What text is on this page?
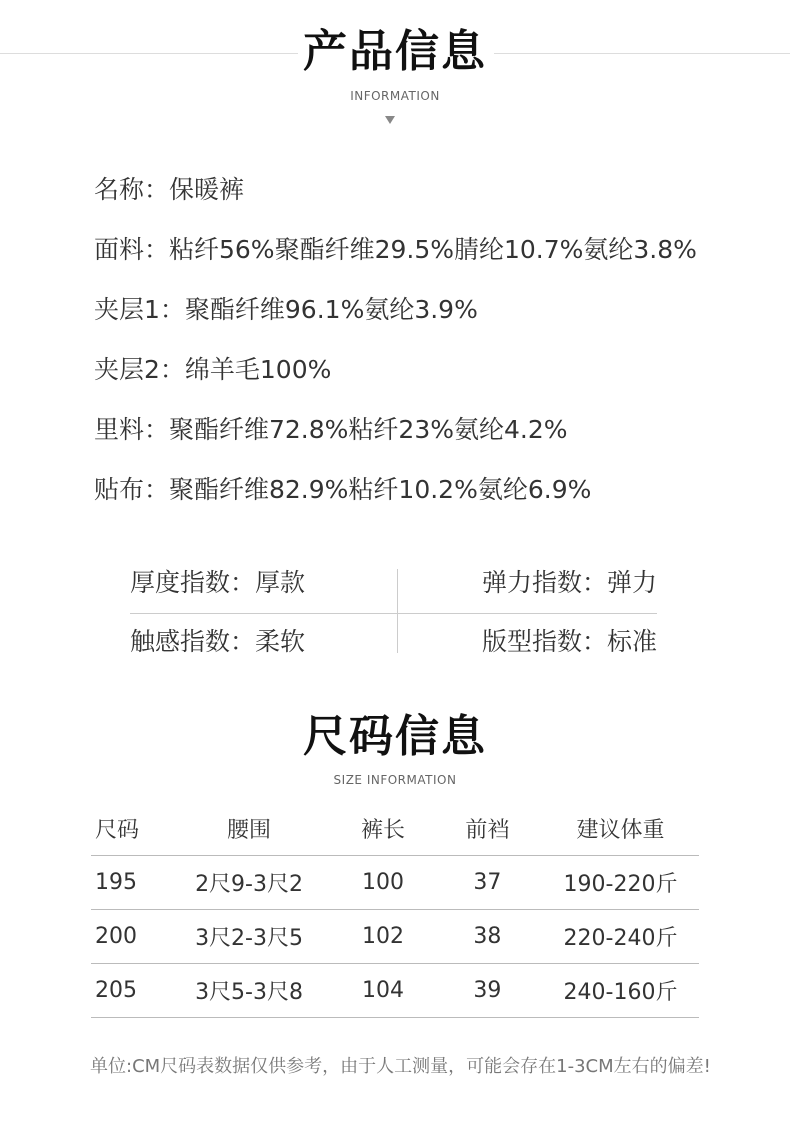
产品信息
INFORMATION
名称：保暖裤
面料：粘纤56%聚酯纤维29.5%腈纶10.7%氨纶3.8%
夹层1：聚酯纤维96.1%氨纶3.9%
夹层2：绵羊毛100%
里料：聚酯纤维72.8%粘纤23%氨纶4.2%
贴布：聚酯纤维82.9%粘纤10.2%氨纶6.9%
厚度指数：厚款	弹力指数：弹力
触感指数：柔软	版型指数：标准
尺码信息
SIZE INFORMATION
尺码	腰围	裤长	前裆	建议体重
195	2尺9-3尺2	100	37	190-220斤
200	3尺2-3尺5	102	38	220-240斤
205	3尺5-3尺8	104	39	240-160斤
单位:CM尺码表数据仅供参考，由于人工测量，可能会存在1-3CM左右的偏差!
